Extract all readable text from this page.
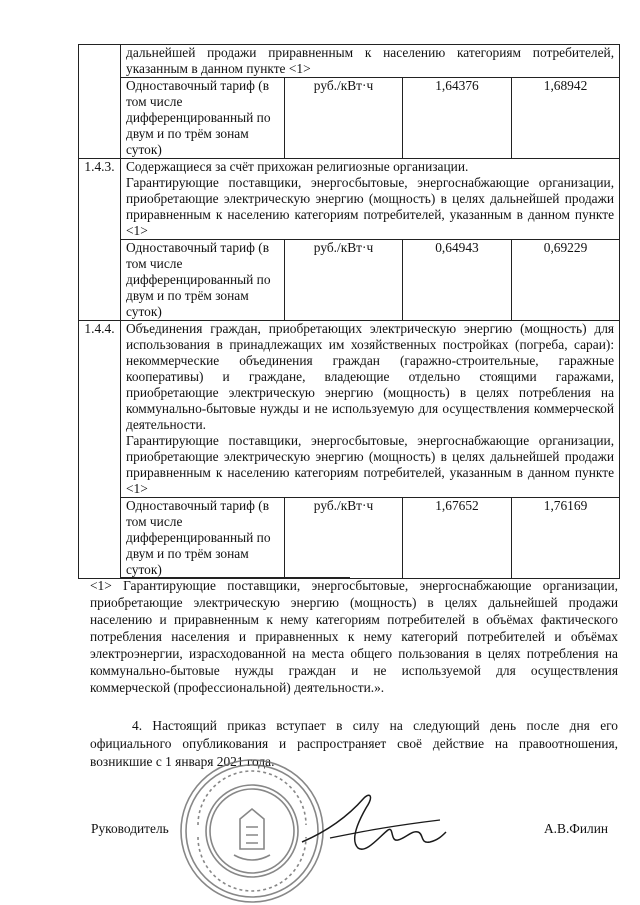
	дальнейшей продажи приравненным к населению категориям потребителей, указанным в данном пункте <1>			

	Одноставочный тариф (в том числе дифференцированный по двум и по трём зонам суток)	руб./кВт·ч	1,64376	1,68942
1.4.3.	Содержащиеся за счёт прихожан религиозные организации.
Гарантирующие поставщики, энергосбытовые, энергоснабжающие организации, приобретающие электрическую энергию (мощность) в целях дальнейшей продажи приравненным к населению категориям потребителей, указанным в данном пункте <1>			

	Одноставочный тариф (в том числе дифференцированный по двум и по трём зонам суток)	руб./кВт·ч	0,64943	0,69229
1.4.4.	Объединения граждан, приобретающих электрическую энергию (мощность) для использования в принадлежащих им хозяйственных постройках (погреба, сараи): некоммерческие объединения граждан (гаражно-строительные, гаражные кооперативы) и граждане, владеющие отдельно стоящими гаражами, приобретающие электрическую энергию (мощность) в целях потребления на коммунально-бытовые нужды и не используемую для осуществления коммерческой деятельности.
Гарантирующие поставщики, энергосбытовые, энергоснабжающие организации, приобретающие электрическую энергию (мощность) в целях дальнейшей продажи приравненным к населению категориям потребителей, указанным в данном пункте <1>			

	Одноставочный тариф (в том числе дифференцированный по двум и по трём зонам суток)	руб./кВт·ч	1,67652	1,76169
<1> Гарантирующие поставщики, энергосбытовые, энергоснабжающие организации, приобретающие электрическую энергию (мощность) в целях дальнейшей продажи населению и приравненным к нему категориям потребителей в объёмах фактического потребления населения и приравненных к нему категорий потребителей и объёмах электроэнергии, израсходованной на места общего пользования в целях потребления на коммунально-бытовые нужды граждан и не используемой для осуществления коммерческой (профессиональной) деятельности.».
4. Настоящий приказ вступает в силу на следующий день после дня его официального опубликования и распространяет своё действие на правоотношения, возникшие с 1 января 2021 года.
Руководитель	А.В.Филин
